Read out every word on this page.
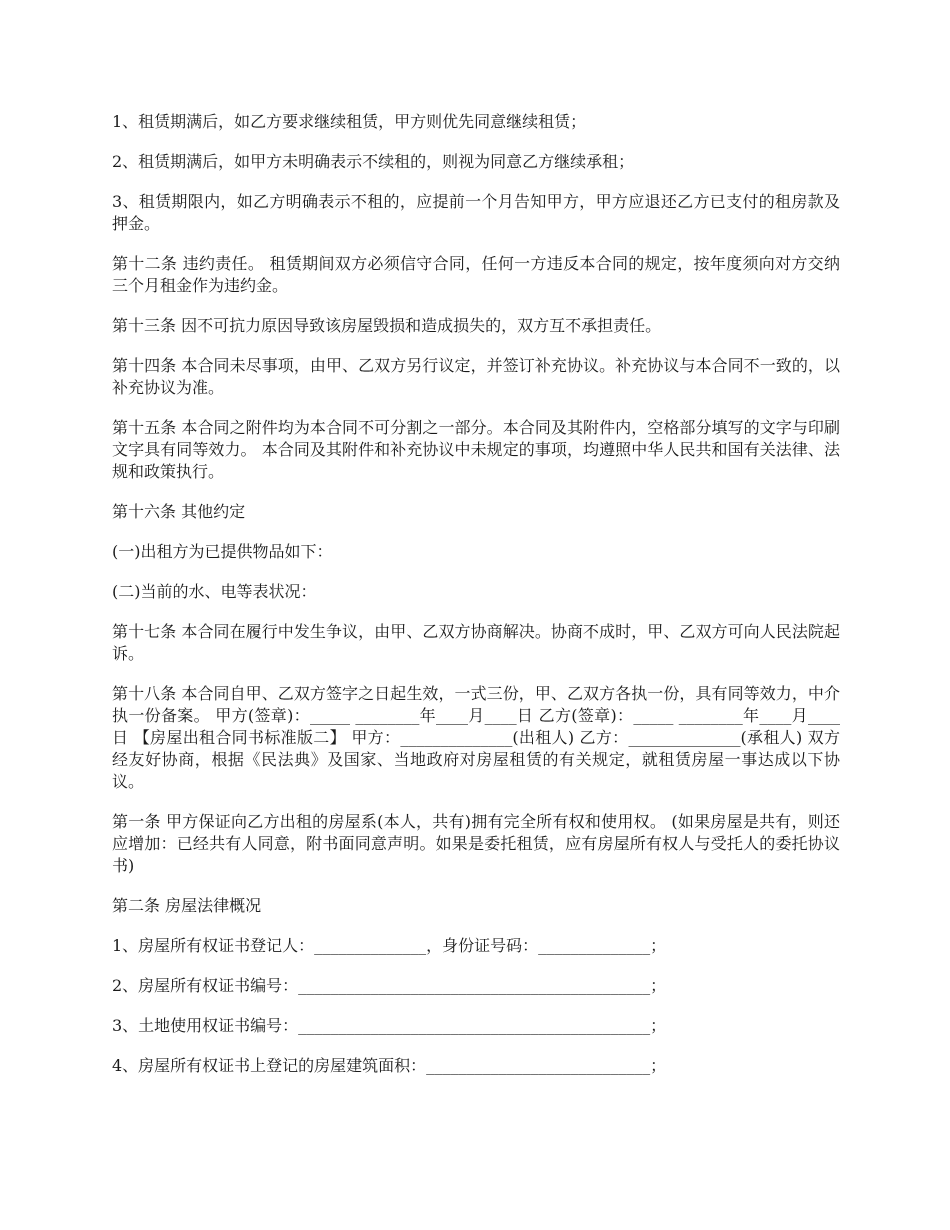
1、租赁期满后，如乙方要求继续租赁，甲方则优先同意继续租赁；

2、租赁期满后，如甲方未明确表示不续租的，则视为同意乙方继续承租；

3、租赁期限内，如乙方明确表示不租的，应提前一个月告知甲方，甲方应退还乙方已支付的租房款及押金。

第十二条 违约责任。 租赁期间双方必须信守合同，任何一方违反本合同的规定，按年度须向对方交纳三个月租金作为违约金。

第十三条 因不可抗力原因导致该房屋毁损和造成损失的，双方互不承担责任。

第十四条 本合同未尽事项，由甲、乙双方另行议定，并签订补充协议。补充协议与本合同不一致的，以补充协议为准。

第十五条 本合同之附件均为本合同不可分割之一部分。本合同及其附件内，空格部分填写的文字与印刷文字具有同等效力。 本合同及其附件和补充协议中未规定的事项，均遵照中华人民共和国有关法律、法规和政策执行。

第十六条 其他约定

(一)出租方为已提供物品如下：

(二)当前的水、电等表状况：

第十七条 本合同在履行中发生争议，由甲、乙双方协商解决。协商不成时，甲、乙双方可向人民法院起诉。

第十八条 本合同自甲、乙双方签字之日起生效，一式三份，甲、乙双方各执一份，具有同等效力，中介执一份备案。 甲方(签章)：_____ ________年____月____日 乙方(签章)：_____ ________年____月____日 【房屋出租合同书标准版二】 甲方：______________(出租人) 乙方：______________(承租人) 双方经友好协商，根据《民法典》及国家、当地政府对房屋租赁的有关规定，就租赁房屋一事达成以下协议。

第一条 甲方保证向乙方出租的房屋系(本人，共有)拥有完全所有权和使用权。 (如果房屋是共有，则还应增加：已经共有人同意，附书面同意声明。如果是委托租赁，应有房屋所有权人与受托人的委托协议书)

第二条 房屋法律概况

1、房屋所有权证书登记人：______________，身份证号码：______________；

2、房屋所有权证书编号：____________________________________________；

3、土地使用权证书编号：____________________________________________；

4、房屋所有权证书上登记的房屋建筑面积：____________________________；
